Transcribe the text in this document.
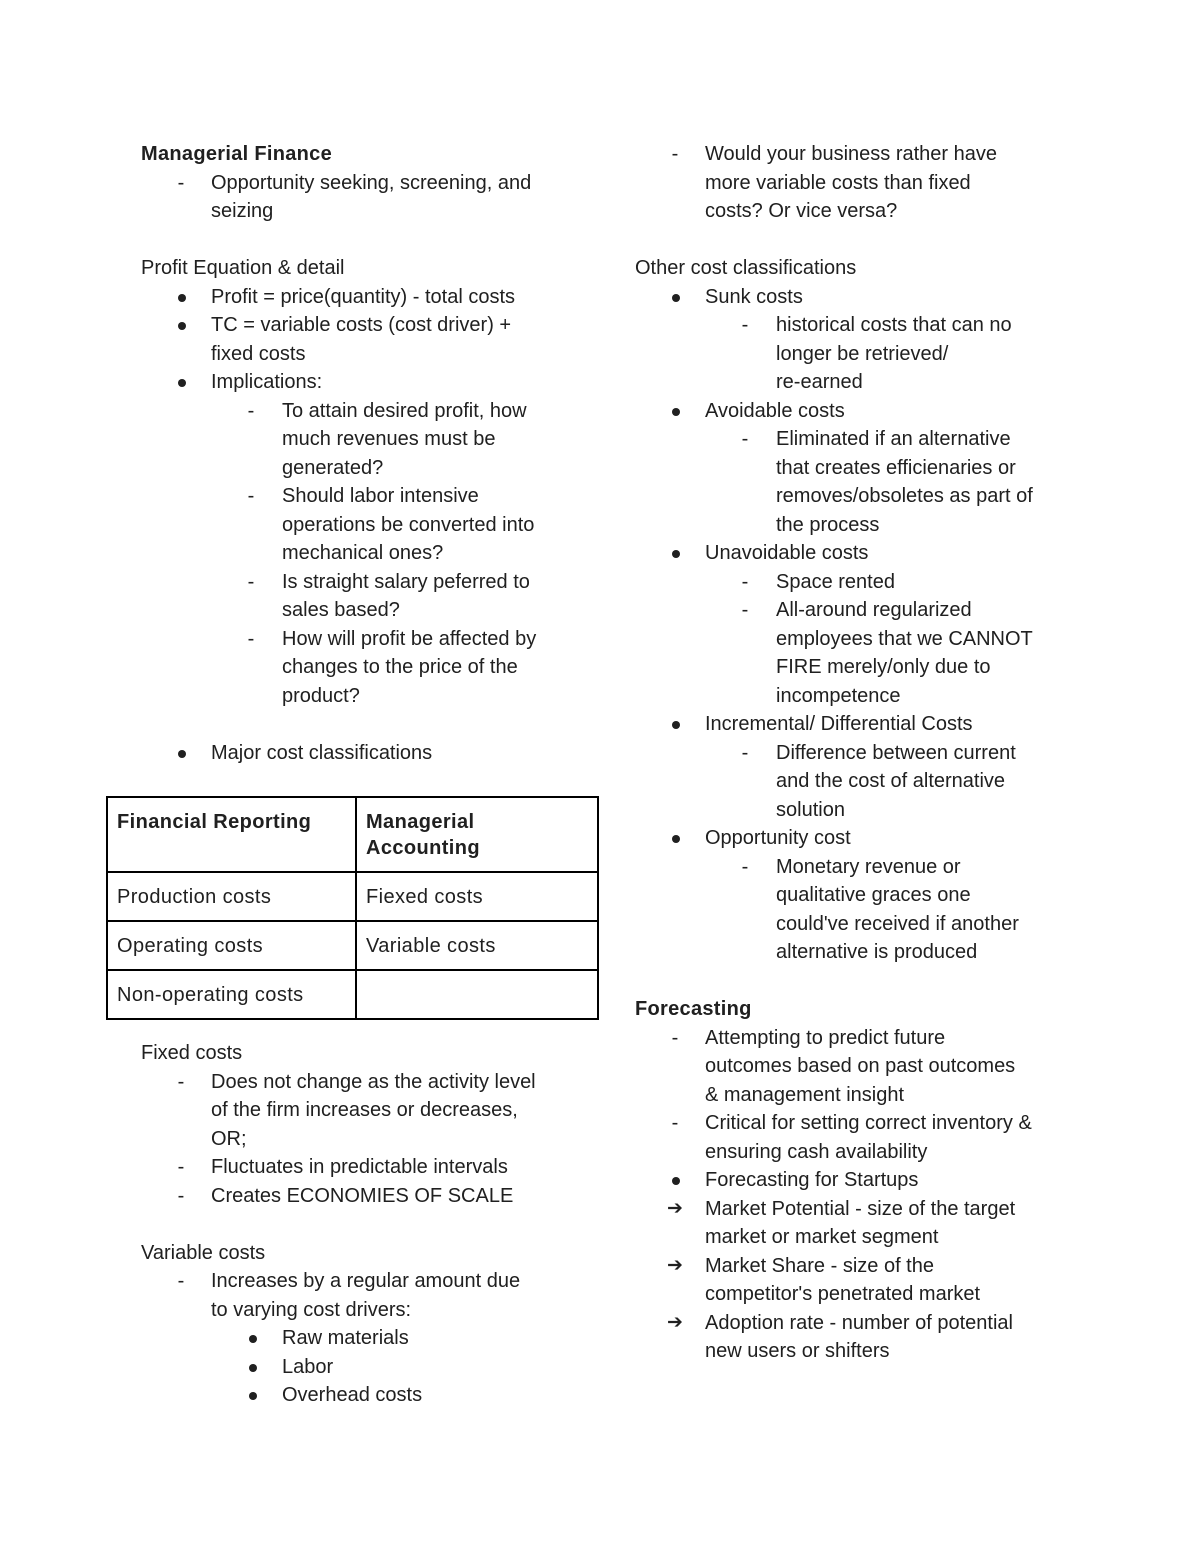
Managerial Finance
-	Opportunity seeking, screening, and
seizing
Profit Equation & detail
Profit = price(quantity) - total costs
TC = variable costs (cost driver) +
fixed costs
Implications:
-	To attain desired profit, how
much revenues must be
generated?
-	Should labor intensive
operations be converted into
mechanical ones?
-	Is straight salary peferred to
sales based?
-	How will profit be affected by
changes to the price of the
product?
Major cost classifications
Financial Reporting	Managerial
Accounting
Production costs	Fiexed costs
Operating costs	Variable costs
Non-operating costs	
Fixed costs
-	Does not change as the activity level
of the firm increases or decreases,
OR;
-	Fluctuates in predictable intervals
-	Creates ECONOMIES OF SCALE
Variable costs
-	Increases by a regular amount due
to varying cost drivers:
Raw materials
Labor
Overhead costs
-	Would your business rather have
more variable costs than fixed
costs? Or vice versa?
Other cost classifications
Sunk costs
-	historical costs that can no
longer be retrieved/
re-earned
Avoidable costs
-	Eliminated if an alternative
that creates efficienaries or
removes/obsoletes as part of
the process
Unavoidable costs
-	Space rented
-	All-around regularized
employees that we CANNOT
FIRE merely/only due to
incompetence
Incremental/ Differential Costs
-	Difference between current
and the cost of alternative
solution
Opportunity cost
-	Monetary revenue or
qualitative graces one
could've received if another
alternative is produced
Forecasting
-	Attempting to predict future
outcomes based on past outcomes
& management insight
-	Critical for setting correct inventory &
ensuring cash availability
Forecasting for Startups
➔ Market Potential - size of the target
market or market segment
➔ Market Share - size of the
competitor's penetrated market
➔ Adoption rate - number of potential
new users or shifters
